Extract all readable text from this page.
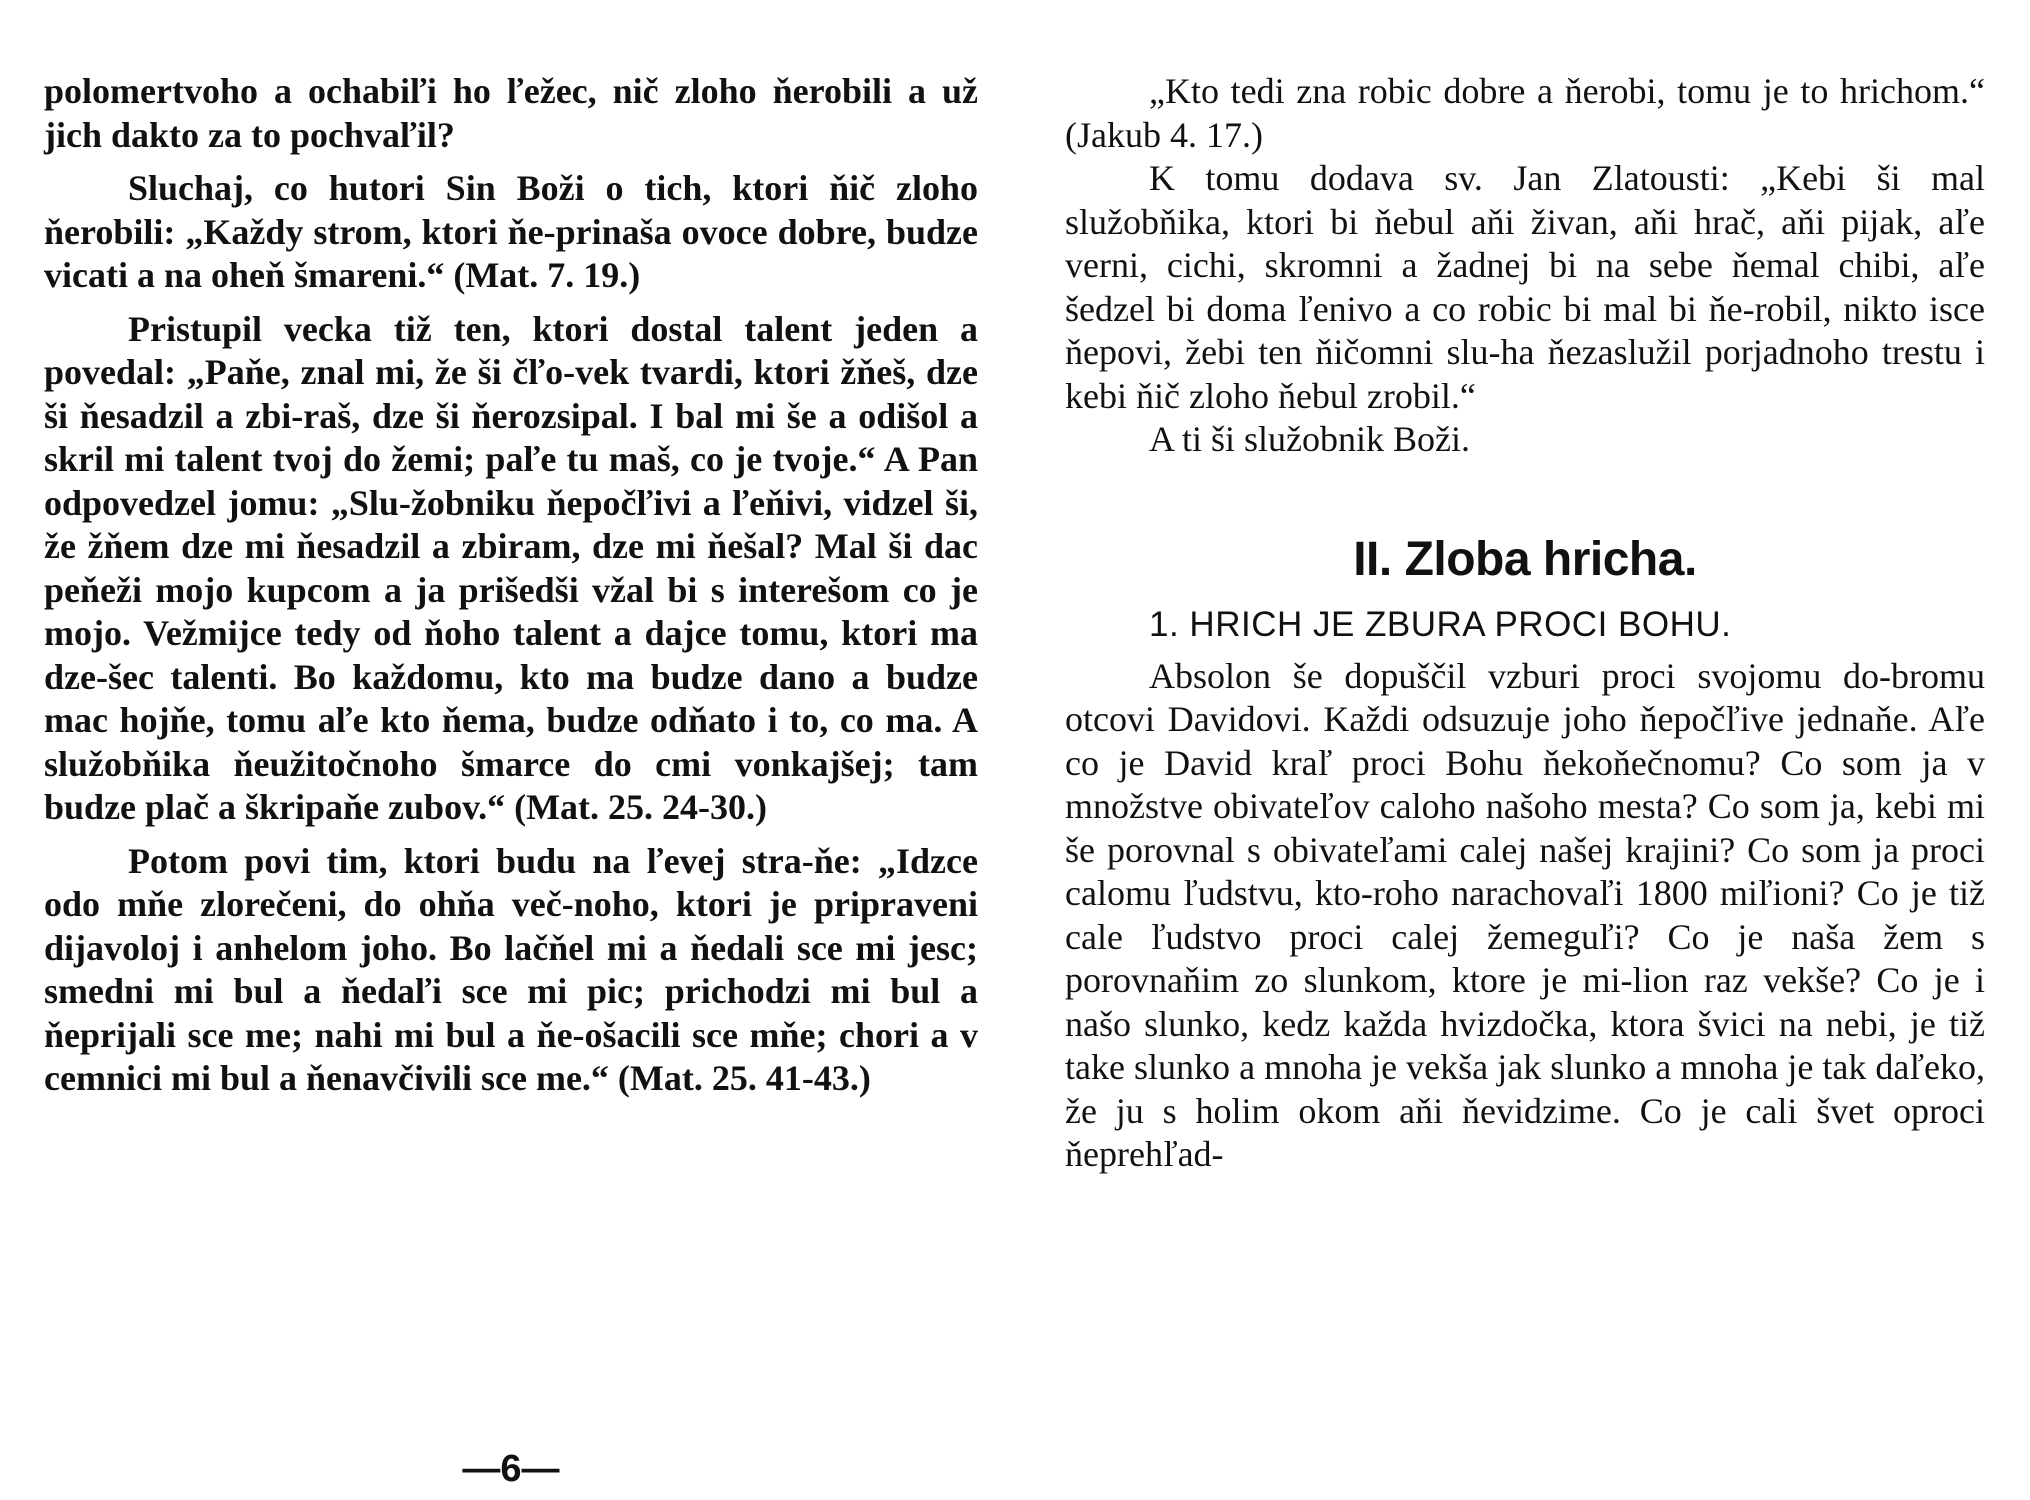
polomertvoho a ochabiľi ho ľežec, nič zloho ňerobili a už jich dakto za to pochvaľil?

Sluchaj, co hutori Sin Boži o tich, ktori ňič zloho ňerobili: „Každy strom, ktori ňe-prinaša ovoce dobre, budze vicati a na oheň šmareni.“ (Mat. 7. 19.)

Pristupil vecka tiž ten, ktori dostal talent jeden a povedal: „Paňe, znal mi, že ši čľo-vek tvardi, ktori žňeš, dze ši ňesadzil a zbi-raš, dze ši ňerozsipal. I bal mi še a odišol a skril mi talent tvoj do žemi; paľe tu maš, co je tvoje.“ A Pan odpovedzel jomu: „Slu-žobniku ňepočľivi a ľeňivi, vidzel ši, že žňem dze mi ňesadzil a zbiram, dze mi ňešal? Mal ši dac peňeži mojo kupcom a ja prišedši vžal bi s interešom co je mojo. Vežmijce tedy od ňoho talent a dajce tomu, ktori ma dze-šec talenti. Bo každomu, kto ma budze dano a budze mac hojňe, tomu aľe kto ňema, budze odňato i to, co ma. A služobňika ňeužitočnoho šmarce do cmi vonkajšej; tam budze plač a škripaňe zubov.“ (Mat. 25. 24-30.)

Potom povi tim, ktori budu na ľevej stra-ňe: „Idzce odo mňe zlorečeni, do ohňa več-noho, ktori je pripraveni dijavoloj i anhelom joho. Bo lačňel mi a ňedali sce mi jesc; smedni mi bul a ňedaľi sce mi pic; prichodzi mi bul a ňeprijali sce me; nahi mi bul a ňe-ošacili sce mňe; chori a v cemnici mi bul a ňenavčivili sce me.“ (Mat. 25. 41-43.)

—6—

„Kto tedi zna robic dobre a ňerobi, tomu je to hrichom.“ (Jakub 4. 17.)

K tomu dodava sv. Jan Zlatousti: „Kebi ši mal služobňika, ktori bi ňebul aňi živan, aňi hrač, aňi pijak, aľe verni, cichi, skromni a žadnej bi na sebe ňemal chibi, aľe šedzel bi doma ľenivo a co robic bi mal bi ňe-robil, nikto isce ňepovi, žebi ten ňičomni slu-ha ňezaslužil porjadnoho trestu i kebi ňič zloho ňebul zrobil.“

A ti ši služobnik Boži.

II. Zloba hricha.
1. HRICH JE ZBURA PROCI BOHU.

Absolon še dopuščil vzburi proci svojomu do-bromu otcovi Davidovi. Každi odsuzuje joho ňepočľive jednaňe. Aľe co je David kraľ proci Bohu ňekoňečnomu? Co som ja v množstve obivateľov caloho našoho mesta? Co som ja, kebi mi še porovnal s obivateľami calej našej krajini? Co som ja proci calomu ľudstvu, kto-roho narachovaľi 1800 miľioni? Co je tiž cale ľudstvo proci calej žemeguľi? Co je naša žem s porovnaňim zo slunkom, ktore je mi-lion raz vekše? Co je i našo slunko, kedz každa hvizdočka, ktora švici na nebi, je tiž take slunko a mnoha je vekša jak slunko a mnoha je tak daľeko, že ju s holim okom aňi ňevidzime. Co je cali švet oproci ňeprehľad-
